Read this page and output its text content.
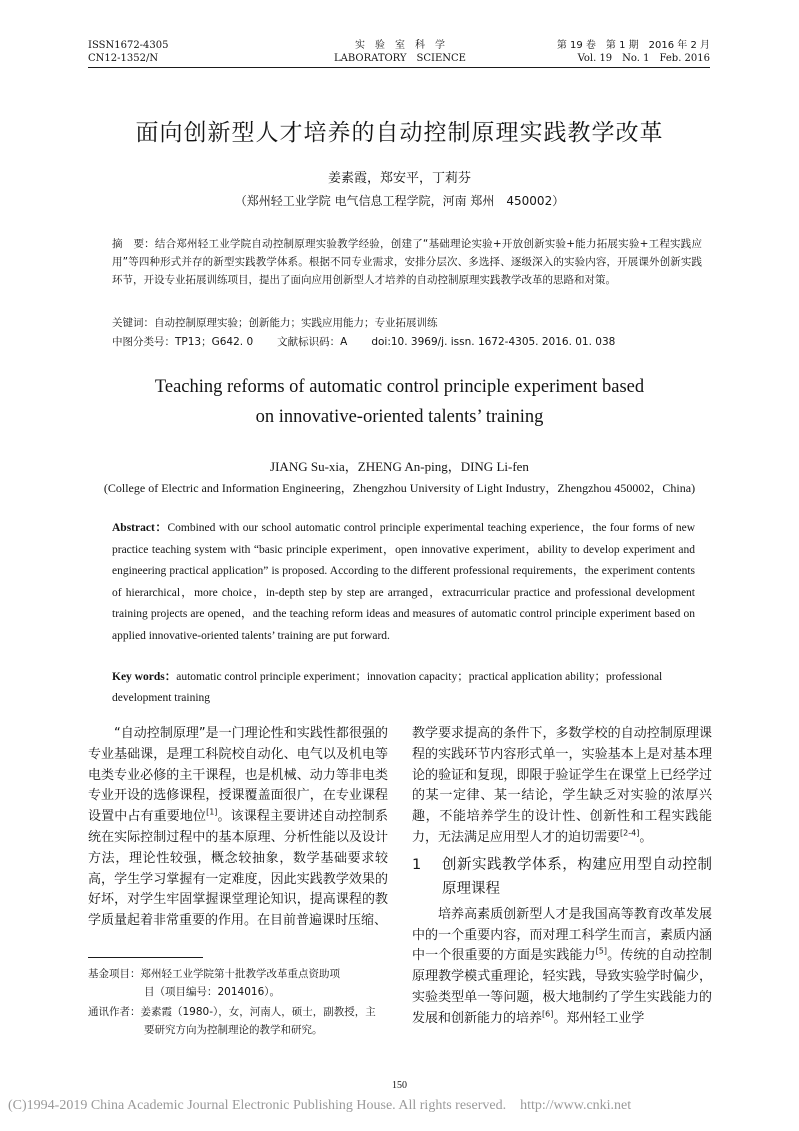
ISSN1672-4305
CN12-1352/N
实　验　室　科　学
LABORATORY　SCIENCE
第 19 卷　第 1 期　2016 年 2 月
Vol. 19　No. 1　Feb. 2016
面向创新型人才培养的自动控制原理实践教学改革
姜素霞，郑安平，丁莉芬
（郑州轻工业学院 电气信息工程学院，河南 郑州　450002）
摘　要：结合郑州轻工业学院自动控制原理实验教学经验，创建了“基础理论实验+开放创新实验+能力拓展实验+工程实践应用”等四种形式并存的新型实践教学体系。根据不同专业需求，安排分层次、多选择、逐级深入的实验内容，开展课外创新实践环节，开设专业拓展训练项目，提出了面向应用创新型人才培养的自动控制原理实践教学改革的思路和对策。
关键词：自动控制原理实验；创新能力；实践应用能力；专业拓展训练
中图分类号：TP13；G642. 0 文献标识码：A doi:10. 3969/j. issn. 1672-4305. 2016. 01. 038
Teaching reforms of automatic control principle experiment based
on innovative-oriented talents’ training
JIANG Su-xia，ZHENG An-ping，DING Li-fen
(College of Electric and Information Engineering，Zhengzhou University of Light Industry，Zhengzhou 450002，China)
Abstract：Combined with our school automatic control principle experimental teaching experience，the four forms of new practice teaching system with “basic principle experiment，open innovative experiment，ability to develop experiment and engineering practical application” is proposed. According to the different professional requirements，the experiment contents of hierarchical，more choice，in-depth step by step are arranged，extracurricular practice and professional development training projects are opened，and the teaching reform ideas and measures of automatic control principle experiment based on applied innovative-oriented talents’ training are put forward.
Key words：automatic control principle experiment；innovation capacity；practical application ability；professional development training

“自动控制原理”是一门理论性和实践性都很强的专业基础课，是理工科院校自动化、电气以及机电等电类专业必修的主干课程，也是机械、动力等非电类专业开设的选修课程，授课覆盖面很广，在专业课程设置中占有重要地位[1]。该课程主要讲述自动控制系统在实际控制过程中的基本原理、分析性能以及设计方法，理论性较强，概念较抽象，数学基础要求较高，学生学习掌握有一定难度，因此实践教学效果的好坏，对学生牢固掌握课堂理论知识，提高课程的教学质量起着非常重要的作用。在目前普遍课时压缩、

教学要求提高的条件下，多数学校的自动控制原理课程的实践环节内容形式单一，实验基本上是对基本理论的验证和复现，即限于验证学生在课堂上已经学过的某一定律、某一结论，学生缺乏对实验的浓厚兴趣，不能培养学生的设计性、创新性和工程实践能力，无法满足应用型人才的迫切需要[2-4]。

1	创新实践教学体系，构建应用型自动控制原理课程

培养高素质创新型人才是我国高等教育改革发展中的一个重要内容，而对理工科学生而言，素质内涵中一个很重要的方面是实践能力[5]。传统的自动控制原理教学模式重理论，轻实践，导致实验学时偏少，实验类型单一等问题，极大地制约了学生实践能力的发展和创新能力的培养[6]。郑州轻工业学

基金项目：郑州轻工业学院第十批教学改革重点资助项
目（项目编号：2014016）。
通讯作者：姜素霞（1980-），女，河南人，硕士，副教授，主
要研究方向为控制理论的教学和研究。
150
(C)1994-2019 China Academic Journal Electronic Publishing House. All rights reserved.　http://www.cnki.net
